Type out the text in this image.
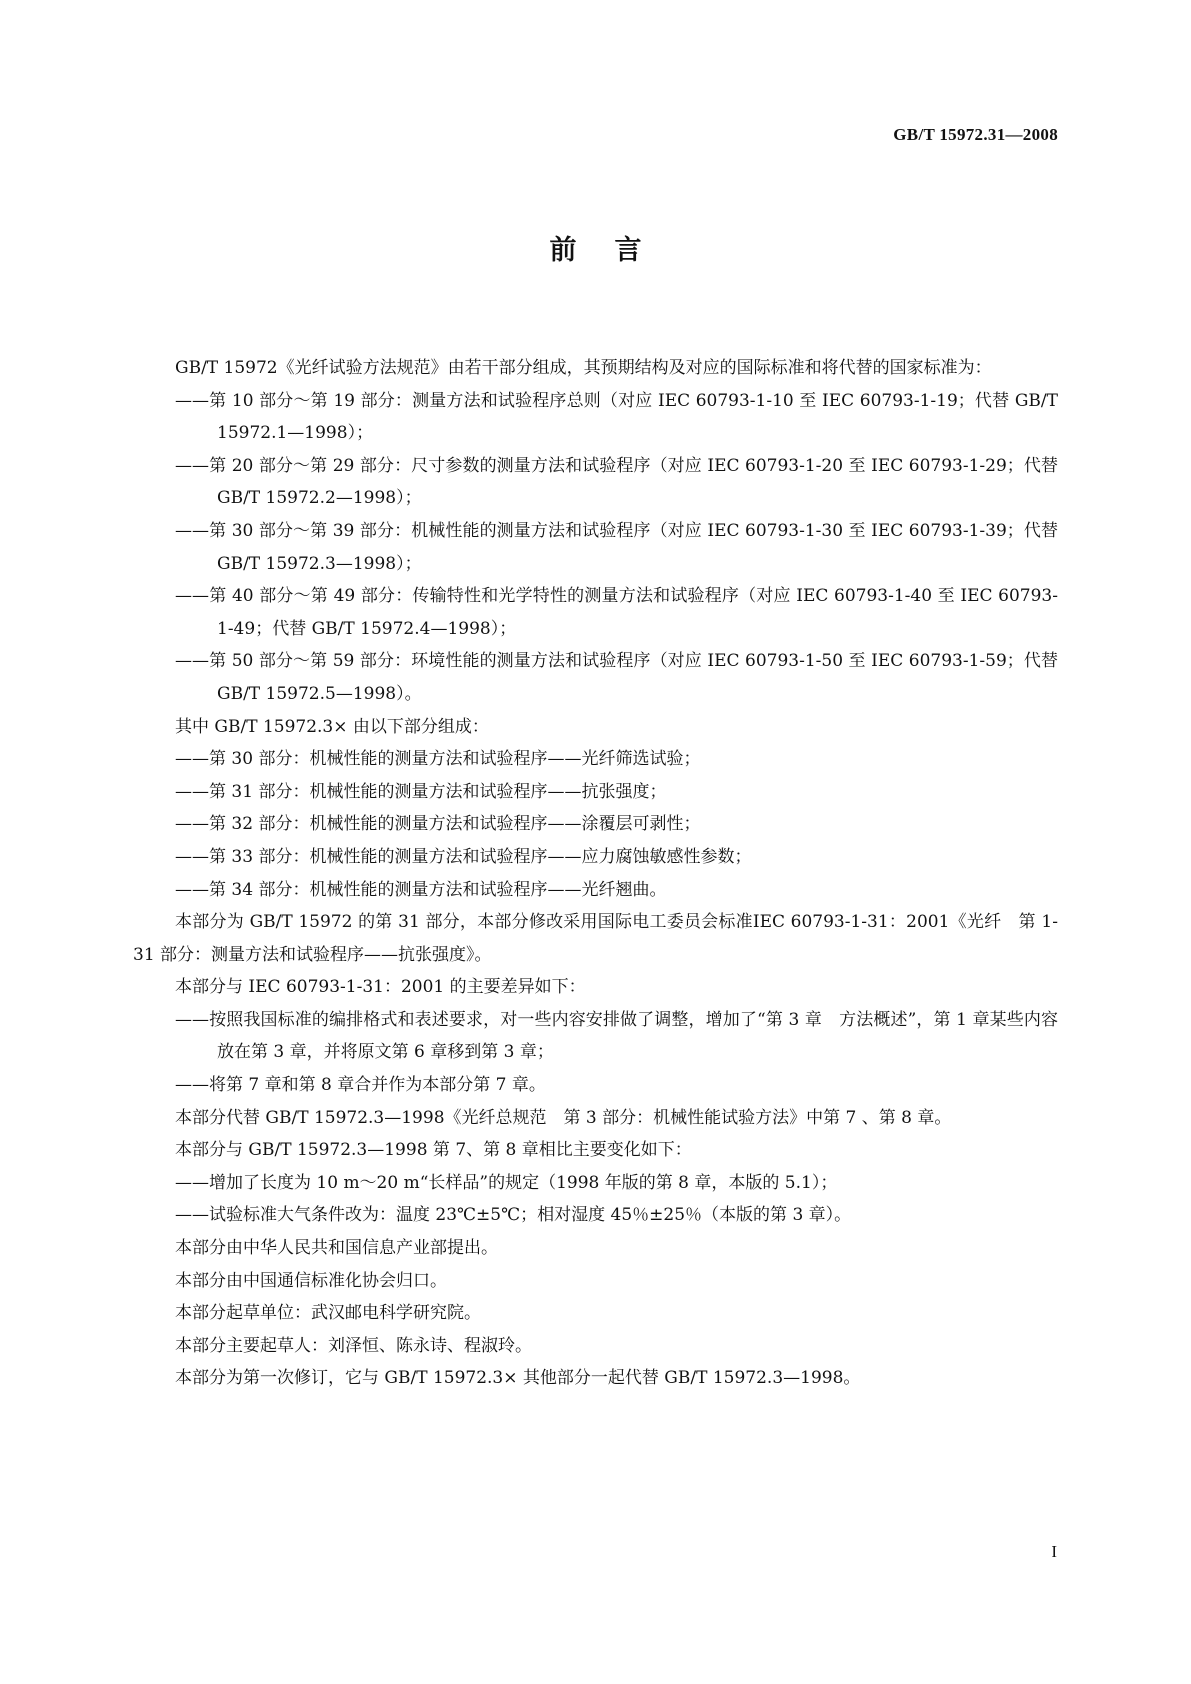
GB/T 15972.31—2008
前言

GB/T 15972《光纤试验方法规范》由若干部分组成，其预期结构及对应的国际标准和将代替的国家标准为：

——第 10 部分～第 19 部分：测量方法和试验程序总则（对应 IEC 60793-1-10 至 IEC 60793-1-19；代替 GB/T 15972.1—1998）；

——第 20 部分～第 29 部分：尺寸参数的测量方法和试验程序（对应 IEC 60793-1-20 至 IEC 60793-1-29；代替 GB/T 15972.2—1998）；

——第 30 部分～第 39 部分：机械性能的测量方法和试验程序（对应 IEC 60793-1-30 至 IEC 60793-1-39；代替 GB/T 15972.3—1998）；

——第 40 部分～第 49 部分：传输特性和光学特性的测量方法和试验程序（对应 IEC 60793-1-40 至 IEC 60793-1-49；代替 GB/T 15972.4—1998）；

——第 50 部分～第 59 部分：环境性能的测量方法和试验程序（对应 IEC 60793-1-50 至 IEC 60793-1-59；代替 GB/T 15972.5—1998）。

其中 GB/T 15972.3× 由以下部分组成：

——第 30 部分：机械性能的测量方法和试验程序——光纤筛选试验；

——第 31 部分：机械性能的测量方法和试验程序——抗张强度；

——第 32 部分：机械性能的测量方法和试验程序——涂覆层可剥性；

——第 33 部分：机械性能的测量方法和试验程序——应力腐蚀敏感性参数；

——第 34 部分：机械性能的测量方法和试验程序——光纤翘曲。

本部分为 GB/T 15972 的第 31 部分，本部分修改采用国际电工委员会标准IEC 60793-1-31：2001《光纤　第 1-31 部分：测量方法和试验程序——抗张强度》。

本部分与 IEC 60793-1-31：2001 的主要差异如下：

——按照我国标准的编排格式和表述要求，对一些内容安排做了调整，增加了“第 3 章　方法概述”，第 1 章某些内容放在第 3 章，并将原文第 6 章移到第 3 章；

——将第 7 章和第 8 章合并作为本部分第 7 章。

本部分代替 GB/T 15972.3—1998《光纤总规范　第 3 部分：机械性能试验方法》中第 7 、第 8 章。

本部分与 GB/T 15972.3—1998 第 7、第 8 章相比主要变化如下：

——增加了长度为 10 m～20 m“长样品”的规定（1998 年版的第 8 章，本版的 5.1）；

——试验标准大气条件改为：温度 23℃±5℃；相对湿度 45％±25％（本版的第 3 章）。

本部分由中华人民共和国信息产业部提出。

本部分由中国通信标准化协会归口。

本部分起草单位：武汉邮电科学研究院。

本部分主要起草人：刘泽恒、陈永诗、程淑玲。

本部分为第一次修订，它与 GB/T 15972.3× 其他部分一起代替 GB/T 15972.3—1998。

I
